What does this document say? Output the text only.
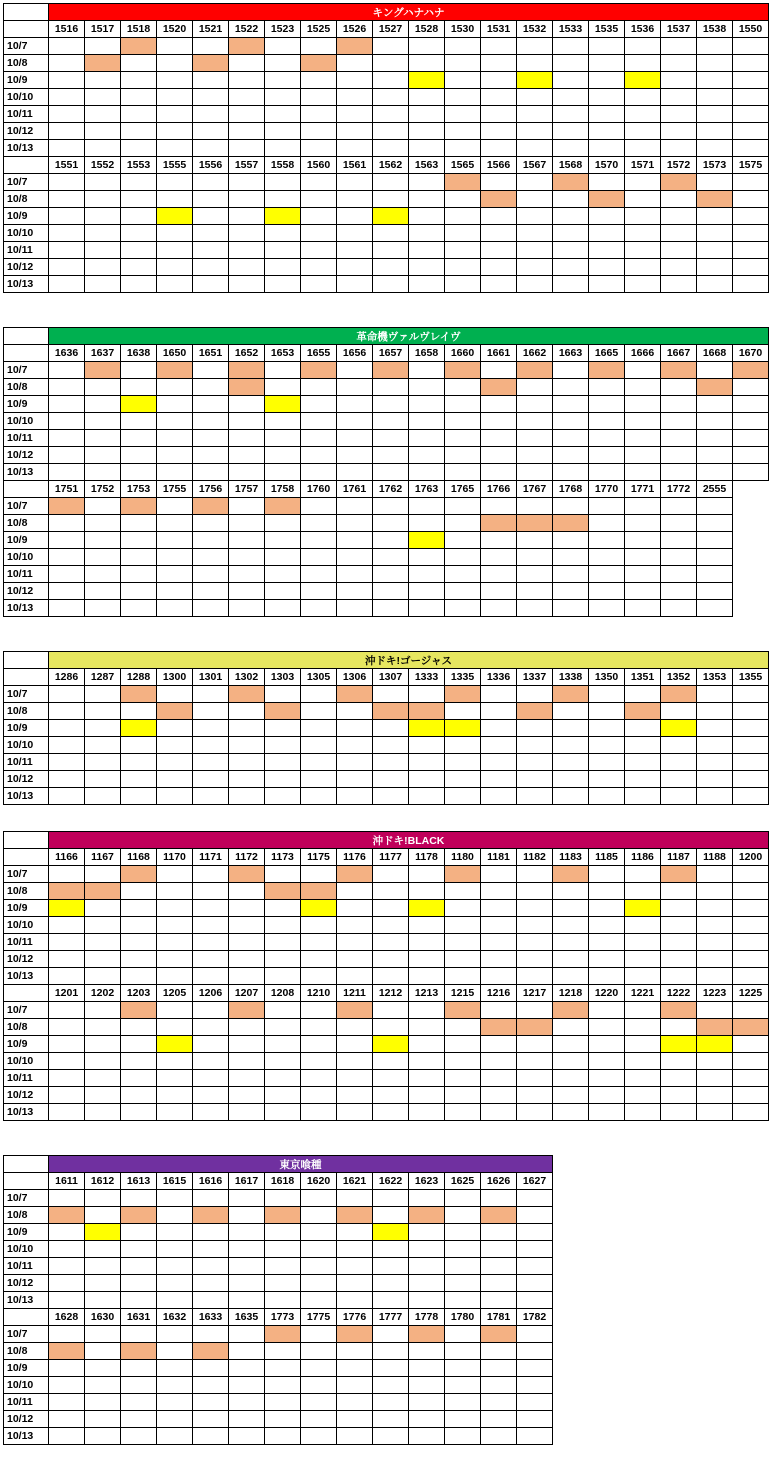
	キングハナハナ																			
	1516	1517	1518	1520	1521	1522	1523	1525	1526	1527	1528	1530	1531	1532	1533	1535	1536	1537	1538	1550
10/7																				
10/8																				
10/9																				
10/10																				
10/11																				
10/12																				
10/13																				
	1551	1552	1553	1555	1556	1557	1558	1560	1561	1562	1563	1565	1566	1567	1568	1570	1571	1572	1573	1575
10/7																				
10/8																				
10/9																				
10/10																				
10/11																				
10/12																				
10/13																				
	革命機ヴァルヴレイヴ																			
	1636	1637	1638	1650	1651	1652	1653	1655	1656	1657	1658	1660	1661	1662	1663	1665	1666	1667	1668	1670
10/7																				
10/8																				
10/9																				
10/10																				
10/11																				
10/12																				
10/13																				
	1751	1752	1753	1755	1756	1757	1758	1760	1761	1762	1763	1765	1766	1767	1768	1770	1771	1772	2555	
10/7																				
10/8																				
10/9																				
10/10																				
10/11																				
10/12																				
10/13																				
	沖ドキ!ゴージャス																			
	1286	1287	1288	1300	1301	1302	1303	1305	1306	1307	1333	1335	1336	1337	1338	1350	1351	1352	1353	1355
10/7																				
10/8																				
10/9																				
10/10																				
10/11																				
10/12																				
10/13																				
	沖ドキ!BLACK																			
	1166	1167	1168	1170	1171	1172	1173	1175	1176	1177	1178	1180	1181	1182	1183	1185	1186	1187	1188	1200
10/7																				
10/8																				
10/9																				
10/10																				
10/11																				
10/12																				
10/13																				
	1201	1202	1203	1205	1206	1207	1208	1210	1211	1212	1213	1215	1216	1217	1218	1220	1221	1222	1223	1225
10/7																				
10/8																				
10/9																				
10/10																				
10/11																				
10/12																				
10/13																				
	東京喰種													
	1611	1612	1613	1615	1616	1617	1618	1620	1621	1622	1623	1625	1626	1627
10/7														
10/8														
10/9														
10/10														
10/11														
10/12														
10/13														
	1628	1630	1631	1632	1633	1635	1773	1775	1776	1777	1778	1780	1781	1782
10/7														
10/8														
10/9														
10/10														
10/11														
10/12														
10/13														
